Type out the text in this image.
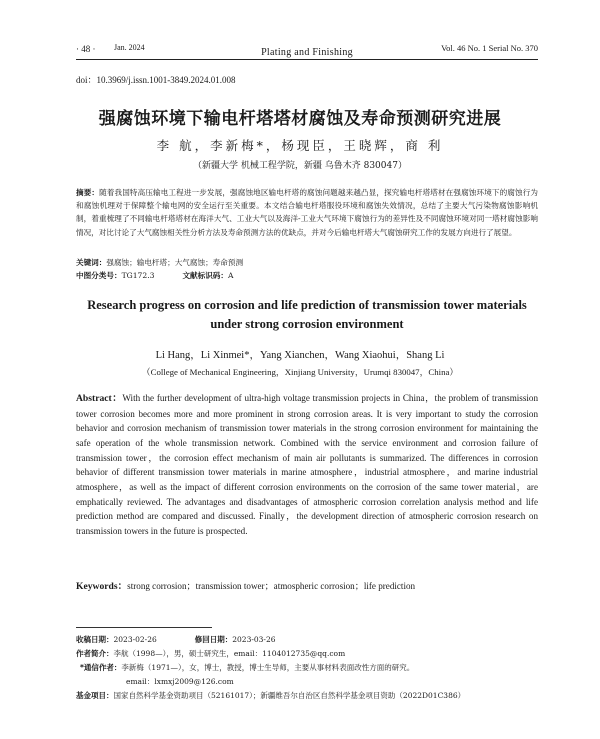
· 48 · Jan. 2024	Plating and Finishing	Vol. 46 No. 1 Serial No. 370
doi：10.3969/j.issn.1001-3849.2024.01.008
强腐蚀环境下输电杆塔塔材腐蚀及寿命预测研究进展
李 航，李新梅*，杨现臣，王晓辉，商 利
（新疆大学 机械工程学院，新疆 乌鲁木齐 830047）
摘要：随着我国特高压输电工程进一步发展，强腐蚀地区输电杆塔的腐蚀问题越来越凸显，探究输电杆塔塔材在强腐蚀环境下的腐蚀行为和腐蚀机理对于保障整个输电网的安全运行至关重要。本文结合输电杆塔服役环境和腐蚀失效情况，总结了主要大气污染物腐蚀影响机制，着重梳理了不同输电杆塔塔材在海洋大气、工业大气以及海洋-工业大气环境下腐蚀行为的差异性及不同腐蚀环境对同一塔材腐蚀影响情况，对比讨论了大气腐蚀相关性分析方法及寿命预测方法的优缺点，并对今后输电杆塔大气腐蚀研究工作的发展方向进行了展望。
关键词：强腐蚀；输电杆塔；大气腐蚀；寿命预测
中图分类号：TG172.3	文献标识码：A
Research progress on corrosion and life prediction of transmission tower materials under strong corrosion environment
Li Hang，Li Xinmei*，Yang Xianchen，Wang Xiaohui，Shang Li
（College of Mechanical Engineering，Xinjiang University，Urumqi 830047，China）
Abstract：With the further development of ultra-high voltage transmission projects in China，the problem of transmission tower corrosion becomes more and more prominent in strong corrosion areas. It is very important to study the corrosion behavior and corrosion mechanism of transmission tower materials in the strong corrosion environment for maintaining the safe operation of the whole transmission network. Combined with the service environment and corrosion failure of transmission tower，the corrosion effect mechanism of main air pollutants is summarized. The differences in corrosion behavior of different transmission tower materials in marine atmosphere，industrial atmosphere，and marine industrial atmosphere，as well as the impact of different corrosion environments on the corrosion of the same tower material，are emphatically reviewed. The advantages and disadvantages of atmospheric corrosion correlation analysis method and life prediction method are compared and discussed. Finally，the development direction of atmospheric corrosion research on transmission towers in the future is prospected.
Keywords：strong corrosion；transmission tower；atmospheric corrosion；life prediction
收稿日期：2023-02-26	修回日期：2023-03-26
作者简介：李航（1998—），男，硕士研究生，email：1104012735@qq.com
*通信作者：李新梅（1971—），女，博士，教授，博士生导师，主要从事材料表面改性方面的研究。
email：lxmxj2009@126.com
基金项目：国家自然科学基金资助项目（52161017）；新疆维吾尔自治区自然科学基金项目资助（2022D01C386）
